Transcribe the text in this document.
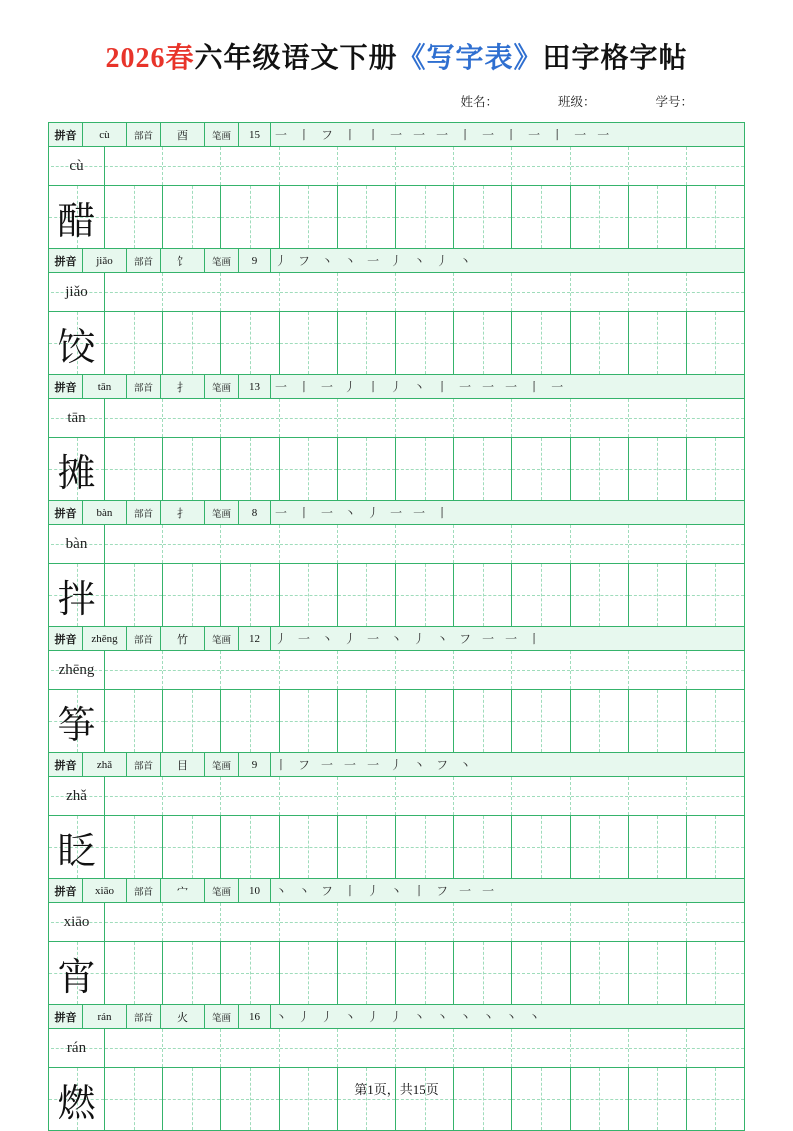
2026春六年级语文下册《写字表》田字格字帖
姓名：	班级：	学号：
拼音	cù	部首	酉	笔画	15	一 丨 フ 丨 丨 一 一 一 丨 一 丨 一 丨 一 一
cù
醋
拼音	jiǎo	部首	饣	笔画	9	丿 フ 丶 丶 一 丿 丶 丿 丶
jiǎo
饺
拼音	tān	部首	扌	笔画	13	一 丨 一 丿 丨 丿 丶 丨 一 一 一 丨 一
tān
摊
拼音	bàn	部首	扌	笔画	8	一 丨 一 丶 丿 一 一 丨
bàn
拌
拼音	zhēng	部首	竹	笔画	12	丿 一 丶 丿 一 丶 丿 丶 フ 一 一 丨
zhēng
筝
拼音	zhǎ	部首	目	笔画	9	丨 フ 一 一 一 丿 丶 フ 丶
zhǎ
眨
拼音	xiāo	部首	宀	笔画	10	丶 丶 フ 丨 丿 丶 丨 フ 一 一
xiāo
宵
拼音	rán	部首	火	笔画	16	丶 丿 丿 丶 丿 丿 丶 丶 丶 丶 丶 丶
rán
燃	第1页，共15页
